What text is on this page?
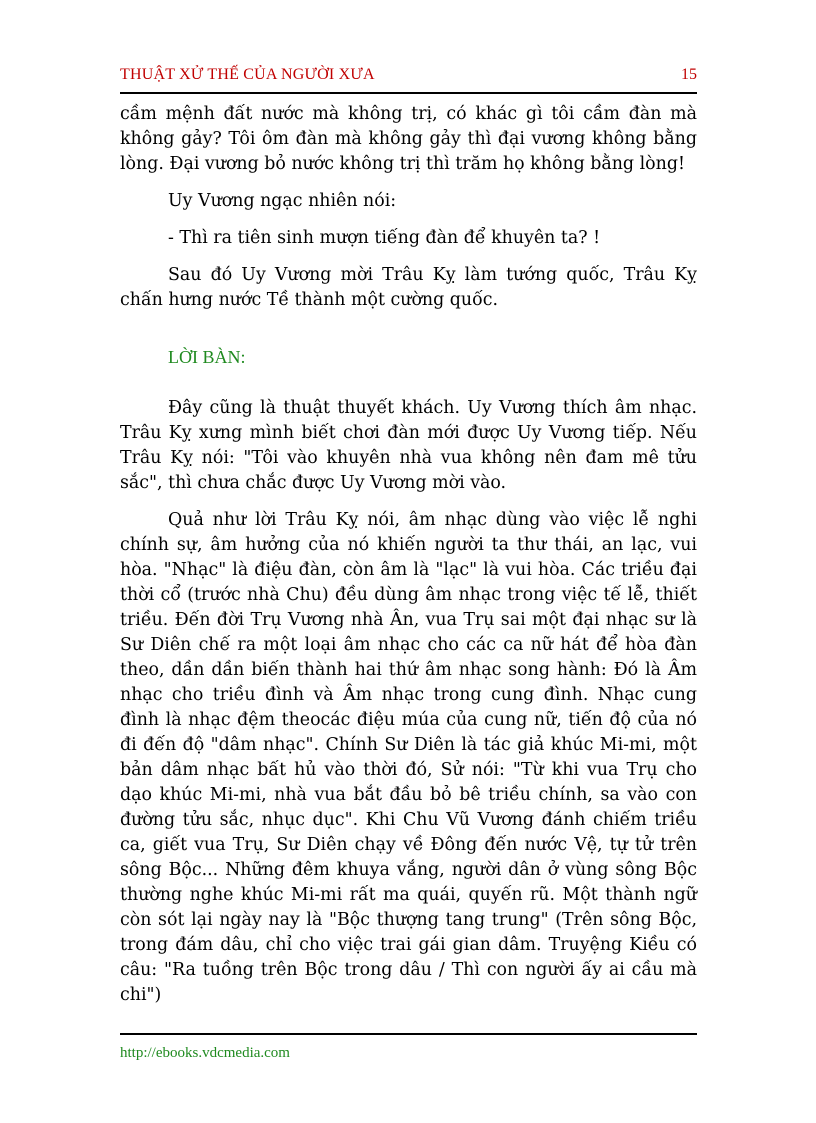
THUẬT XỬ THẾ CỦA NGƯỜI XƯA	15

cầm mệnh đất nước mà không trị, có khác gì tôi cầm đàn mà không gảy? Tôi ôm đàn mà không gảy thì đại vương không bằng lòng. Đại vương bỏ nước không trị thì trăm họ không bằng lòng!

Uy Vương ngạc nhiên nói:

- Thì ra tiên sinh mượn tiếng đàn để khuyên ta? !

Sau đó Uy Vương mời Trâu Kỵ làm tướng quốc, Trâu Kỵ chấn hưng nước Tề thành một cường quốc.

LỜI BÀN:

Đây cũng là thuật thuyết khách. Uy Vương thích âm nhạc. Trâu Kỵ xưng mình biết chơi đàn mới được Uy Vương tiếp. Nếu Trâu Kỵ nói: "Tôi vào khuyên nhà vua không nên đam mê tửu sắc", thì chưa chắc được Uy Vương mời vào.

Quả như lời Trâu Kỵ nói, âm nhạc dùng vào việc lễ nghi chính sự, âm hưởng của nó khiến người ta thư thái, an lạc, vui hòa. "Nhạc" là điệu đàn, còn âm là "lạc" là vui hòa. Các triều đại thời cổ (trước nhà Chu) đều dùng âm nhạc trong việc tế lễ, thiết triều. Đến đời Trụ Vương nhà Ân, vua Trụ sai một đại nhạc sư là Sư Diên chế ra một loại âm nhạc cho các ca nữ hát để hòa đàn theo, dần dần biến thành hai thứ âm nhạc song hành: Đó là Âm nhạc cho triều đình và Âm nhạc trong cung đình. Nhạc cung đình là nhạc đệm theocác điệu múa của cung nữ, tiến độ của nó đi đến độ "dâm nhạc". Chính Sư Diên là tác giả khúc Mi-mi, một bản dâm nhạc bất hủ vào thời đó, Sử nói: "Từ khi vua Trụ cho dạo khúc Mi-mi, nhà vua bắt đầu bỏ bê triều chính, sa vào con đường tửu sắc, nhục dục". Khi Chu Vũ Vương đánh chiếm triều ca, giết vua Trụ, Sư Diên chạy về Đông đến nước Vệ, tự tử trên sông Bộc... Những đêm khuya vắng, người dân ở vùng sông Bộc thường nghe khúc Mi-mi rất ma quái, quyến rũ. Một thành ngữ còn sót lại ngày nay là "Bộc thượng tang trung" (Trên sông Bộc, trong đám dâu, chỉ cho việc trai gái gian dâm. Truyệng Kiều có câu: "Ra tuồng trên Bộc trong dâu / Thì con người ấy ai cầu mà chi")

http://ebooks.vdcmedia.com
